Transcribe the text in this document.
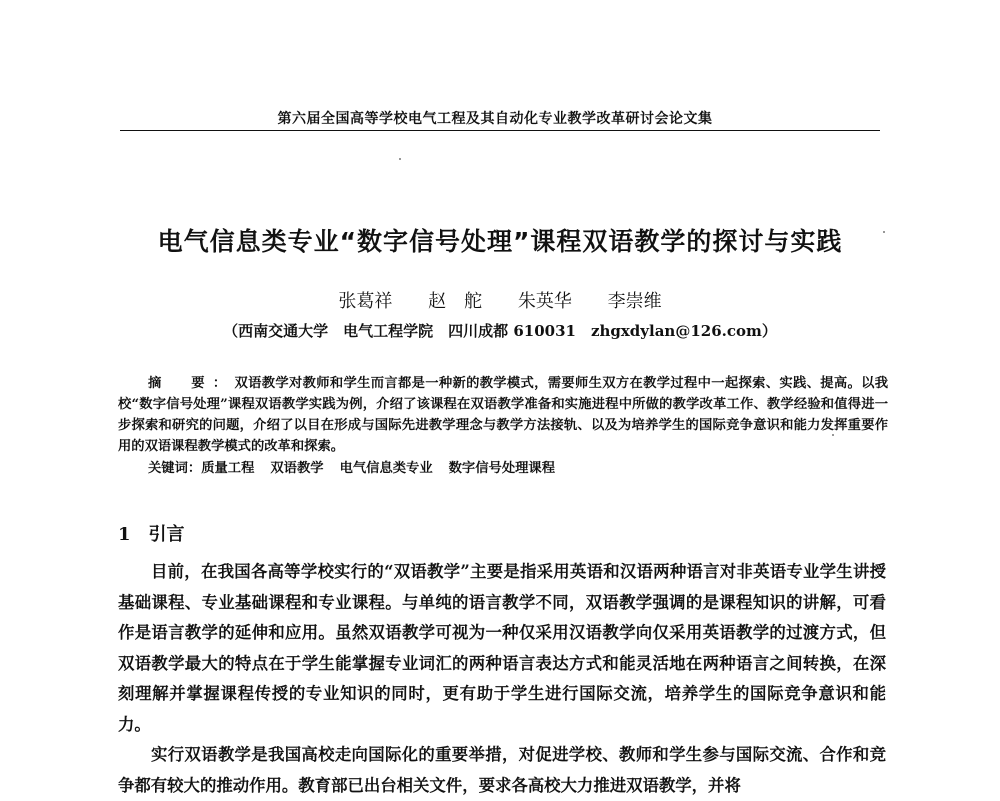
第六届全国高等学校电气工程及其自动化专业教学改革研讨会论文集
电气信息类专业“数字信号处理”课程双语教学的探讨与实践
张葛祥 赵　舵 朱英华 李崇维
（西南交通大学　电气工程学院　四川成都 610031　zhgxdylan@126.com）
摘　要：双语教学对教师和学生而言都是一种新的教学模式，需要师生双方在教学过程中一起探索、实践、提高。以我校“数字信号处理”课程双语教学实践为例，介绍了该课程在双语教学准备和实施进程中所做的教学改革工作、教学经验和值得进一步探索和研究的问题，介绍了以目在形成与国际先进教学理念与教学方法接轨、以及为培养学生的国际竞争意识和能力发挥重要作用的双语课程教学模式的改革和探索。
关键词：质量工程 双语教学 电气信息类专业 数字信号处理课程
1 引言

目前，在我国各高等学校实行的“双语教学”主要是指采用英语和汉语两种语言对非英语专业学生讲授基础课程、专业基础课程和专业课程。与单纯的语言教学不同，双语教学强调的是课程知识的讲解，可看作是语言教学的延伸和应用。虽然双语教学可视为一种仅采用汉语教学向仅采用英语教学的过渡方式，但双语教学最大的特点在于学生能掌握专业词汇的两种语言表达方式和能灵活地在两种语言之间转换，在深刻理解并掌握课程传授的专业知识的同时，更有助于学生进行国际交流，培养学生的国际竞争意识和能力。

实行双语教学是我国高校走向国际化的重要举措，对促进学校、教师和学生参与国际交流、合作和竞争都有较大的推动作用。教育部已出台相关文件，要求各高校大力推进双语教学，并将
